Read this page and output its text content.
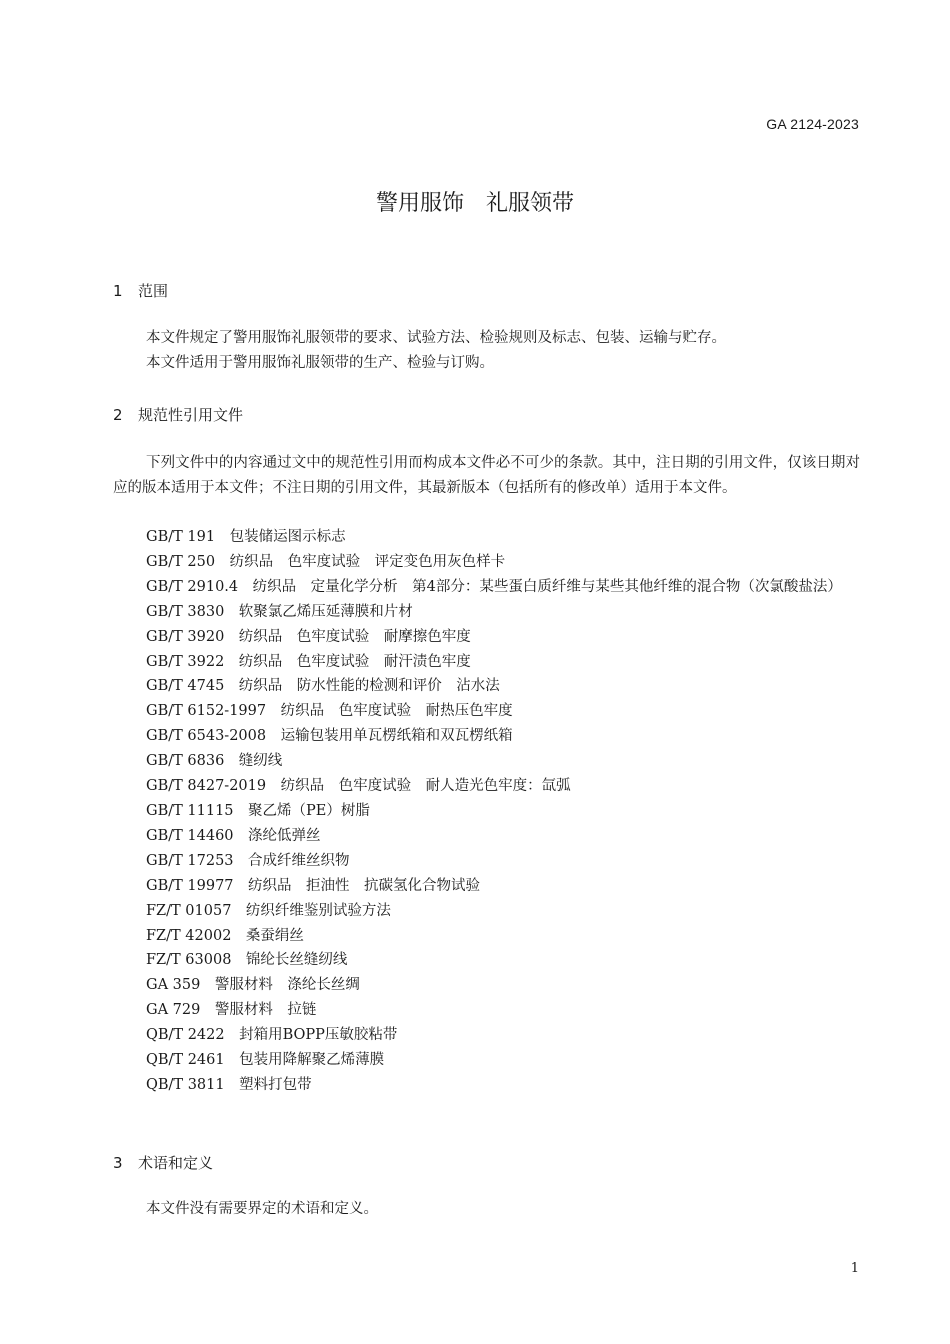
GA 2124-2023
警用服饰　礼服领带
1 范围
本文件规定了警用服饰礼服领带的要求、试验方法、检验规则及标志、包装、运输与贮存。
本文件适用于警用服饰礼服领带的生产、检验与订购。
2 规范性引用文件
下列文件中的内容通过文中的规范性引用而构成本文件必不可少的条款。其中，注日期的引用文件，仅该日期对应的版本适用于本文件；不注日期的引用文件，其最新版本（包括所有的修改单）适用于本文件。
GB/T 191　包装储运图示标志
GB/T 250　纺织品　色牢度试验　评定变色用灰色样卡
GB/T 2910.4　纺织品　定量化学分析　第4部分：某些蛋白质纤维与某些其他纤维的混合物（次氯酸盐法）
GB/T 3830　软聚氯乙烯压延薄膜和片材
GB/T 3920　纺织品　色牢度试验　耐摩擦色牢度
GB/T 3922　纺织品　色牢度试验　耐汗渍色牢度
GB/T 4745　纺织品　防水性能的检测和评价　沾水法
GB/T 6152-1997　纺织品　色牢度试验　耐热压色牢度
GB/T 6543-2008　运输包装用单瓦楞纸箱和双瓦楞纸箱
GB/T 6836　缝纫线
GB/T 8427-2019　纺织品　色牢度试验　耐人造光色牢度：氙弧
GB/T 11115　聚乙烯（PE）树脂
GB/T 14460　涤纶低弹丝
GB/T 17253　合成纤维丝织物
GB/T 19977　纺织品　拒油性　抗碳氢化合物试验
FZ/T 01057　纺织纤维鉴别试验方法
FZ/T 42002　桑蚕绢丝
FZ/T 63008　锦纶长丝缝纫线
GA 359　警服材料　涤纶长丝绸
GA 729　警服材料　拉链
QB/T 2422　封箱用BOPP压敏胶粘带
QB/T 2461　包装用降解聚乙烯薄膜
QB/T 3811　塑料打包带
3 术语和定义
本文件没有需要界定的术语和定义。
1
